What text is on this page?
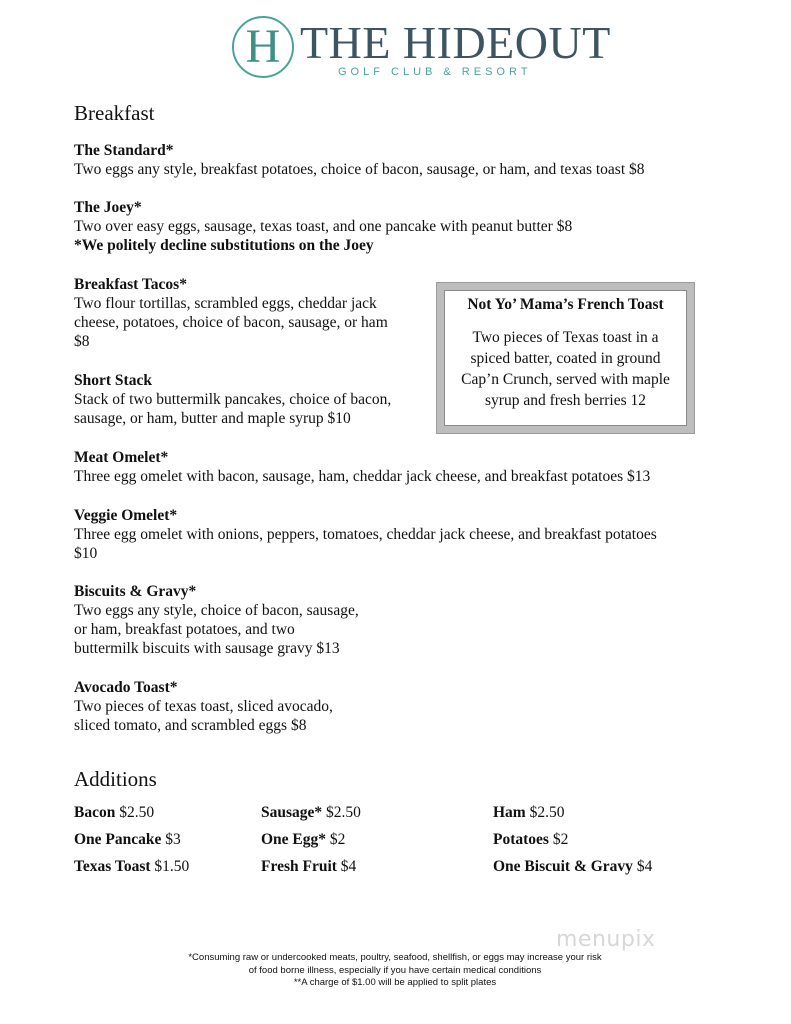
H THE HIDEOUT
GOLF CLUB & RESORT
Breakfast
The Standard*
Two eggs any style, breakfast potatoes, choice of bacon, sausage, or ham, and texas toast $8
The Joey*
Two over easy eggs, sausage, texas toast, and one pancake with peanut butter $8
*We politely decline substitutions on the Joey
Breakfast Tacos*
Two flour tortillas, scrambled eggs, cheddar jack
cheese, potatoes, choice of bacon, sausage, or ham
$8
Short Stack
Stack of two buttermilk pancakes, choice of bacon,
sausage, or ham, butter and maple syrup $10
Not Yo’ Mama’s French Toast
Two pieces of Texas toast in a
spiced batter, coated in ground
Cap’n Crunch, served with maple
syrup and fresh berries 12
Meat Omelet*
Three egg omelet with bacon, sausage, ham, cheddar jack cheese, and breakfast potatoes $13
Veggie Omelet*
Three egg omelet with onions, peppers, tomatoes, cheddar jack cheese, and breakfast potatoes
$10
Biscuits & Gravy*
Two eggs any style, choice of bacon, sausage,
or ham, breakfast potatoes, and two
buttermilk biscuits with sausage gravy $13
Avocado Toast*
Two pieces of texas toast, sliced avocado,
sliced tomato, and scrambled eggs $8
Additions
Bacon $2.50	Sausage* $2.50	Ham $2.50
One Pancake $3	One Egg* $2	Potatoes $2
Texas Toast $1.50	Fresh Fruit $4	One Biscuit & Gravy $4
menupix
*Consuming raw or undercooked meats, poultry, seafood, shellfish, or eggs may increase your risk
of food borne illness, especially if you have certain medical conditions
**A charge of $1.00 will be applied to split plates
